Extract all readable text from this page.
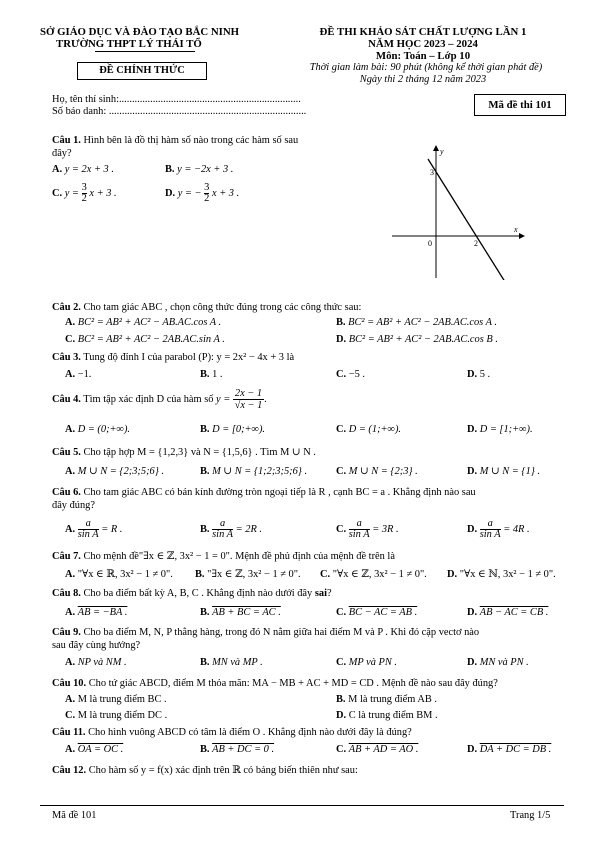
SỞ GIÁO DỤC VÀ ĐÀO TẠO BẮC NINH
TRƯỜNG THPT LÝ THÁI TỔ
ĐỀ CHÍNH THỨC
ĐỀ THI KHẢO SÁT CHẤT LƯỢNG LẦN 1
NĂM HỌC 2023 – 2024
Môn: Toán – Lớp 10
Thời gian làm bài: 90 phút (không kể thời gian phát đề)
Ngày thi 2 tháng 12 năm 2023
Họ, tên thí sinh:......................................................................
Số báo danh: ............................................................................
Mã đề thi 101
y
x
0
3
2
Câu 1. Hình bên là đồ thị hàm số nào trong các hàm số sau
đây?
A. y = 2x + 3 .	B. y = −2x + 3 .
C. $y = \frac{3}{2}$ x + 3 .	D. y = − $\frac{3}{2}$ x + 3 .
Câu 2. Cho tam giác ABC , chọn công thức đúng trong các công thức sau:
A. BC² = AB² + AC² − AB.AC.cos A .	B. BC² = AB² + AC² − 2AB.AC.cos A .
C. BC² = AB² + AC² − 2AB.AC.sin A .	D. BC² = AB² + AC² − 2AB.AC.cos B .
Câu 3. Tung độ đỉnh I của parabol (P): y = 2x² − 4x + 3 là
A. −1.	B. 1 .	C. −5 .	D. 5 .
Câu 4. Tìm tập xác định D của hàm số $y = \frac{2x - 1}{√x - 1}$ .
A. D = (0;+∞).	B. D = [0;+∞).	C. D = (1;+∞).	D. D = [1;+∞).
Câu 5. Cho tập hợp M = {1,2,3} và N = {1,5,6} . Tìm M ∪ N .
A. M ∪ N = {2;3;5;6} .	B. M ∪ N = {1;2;3;5;6} .	C. M ∪ N = {2;3} .	D. M ∪ N = {1} .
Câu 6. Cho tam giác ABC có bán kính đường tròn ngoại tiếp là R , cạnh BC = a . Khẳng định nào sau
đây đúng?
A. $\frac{a}{\text{sin A}} = R$ .	B. $\frac{a}{\text{sin A}} = 2R$ .	C. $\frac{a}{\text{sin A}} = 3R$ .	D. $\frac{a}{\text{sin A}} = 4R$ .
Câu 7. Cho mệnh đề"∃x ∈ ℤ, 3x² − 1 = 0". Mệnh đề phủ định của mệnh đề trên là
A. "∀x ∈ ℝ, 3x² − 1 ≠ 0". B. "∃x ∈ ℤ, 3x² − 1 ≠ 0". C. "∀x ∈ ℤ, 3x² − 1 ≠ 0". D. "∀x ∈ ℕ, 3x² − 1 ≠ 0".
Câu 8. Cho ba điểm bất kỳ A, B, C . Khẳng định nào dưới đây sai?
A. AB = −BA .	B. AB + BC = AC .	C. BC − AC = AB .	D. AB − AC = CB .
Câu 9. Cho ba điểm M, N, P thẳng hàng, trong đó N nằm giữa hai điểm M và P . Khi đó cặp vectơ nào
sau đây cùng hướng?
A. NP và NM .	B. MN và MP .	C. MP và PN .	D. MN và PN .
Câu 10. Cho tứ giác ABCD, điểm M thỏa mãn: MA − MB + AC + MD = CD . Mệnh đề nào sau đây đúng?
A. M là trung điểm BC .	B. M là trung điểm AB .
C. M là trung điểm DC .	D. C là trung điểm BM .
Câu 11. Cho hình vuông ABCD có tâm là điểm O . Khẳng định nào dưới đây là đúng?
A. OA = OC .	B. AB + DC = 0 .	C. AB + AD = AO .	D. DA + DC = DB .
Câu 12. Cho hàm số y = f(x) xác định trên ℝ có bảng biến thiên như sau:
Mã đề 101	Trang 1/5
